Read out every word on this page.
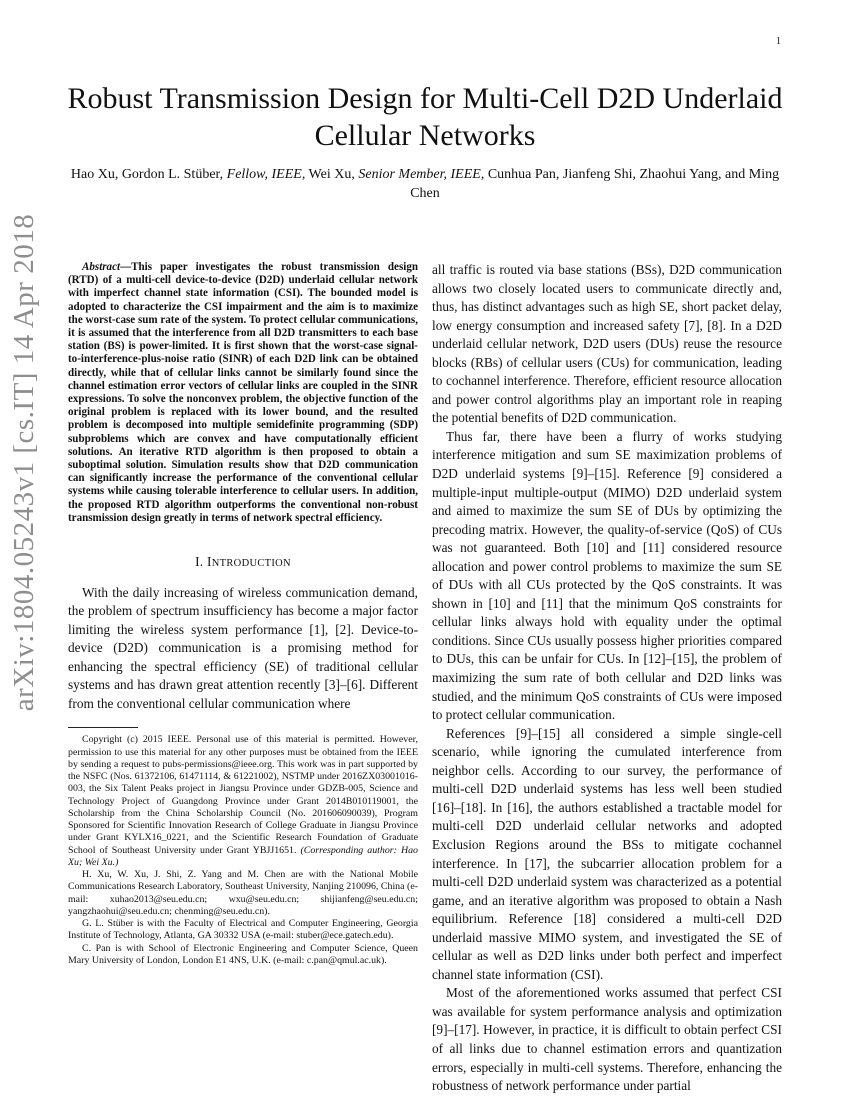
1
arXiv:1804.05243v1 [cs.IT] 14 Apr 2018
Robust Transmission Design for Multi-Cell D2D Underlaid Cellular Networks
Hao Xu, Gordon L. Stüber, Fellow, IEEE, Wei Xu, Senior Member, IEEE, Cunhua Pan, Jianfeng Shi, Zhaohui Yang, and Ming Chen

Abstract—This paper investigates the robust transmission design (RTD) of a multi-cell device-to-device (D2D) underlaid cellular network with imperfect channel state information (CSI). The bounded model is adopted to characterize the CSI impairment and the aim is to maximize the worst-case sum rate of the system. To protect cellular communications, it is assumed that the interference from all D2D transmitters to each base station (BS) is power-limited. It is first shown that the worst-case signal-to-interference-plus-noise ratio (SINR) of each D2D link can be obtained directly, while that of cellular links cannot be similarly found since the channel estimation error vectors of cellular links are coupled in the SINR expressions. To solve the nonconvex problem, the objective function of the original problem is replaced with its lower bound, and the resulted problem is decomposed into multiple semidefinite programming (SDP) subproblems which are convex and have computationally efficient solutions. An iterative RTD algorithm is then proposed to obtain a suboptimal solution. Simulation results show that D2D communication can significantly increase the performance of the conventional cellular systems while causing tolerable interference to cellular users. In addition, the proposed RTD algorithm outperforms the conventional non-robust transmission design greatly in terms of network spectral efficiency.

I. INTRODUCTION

With the daily increasing of wireless communication demand, the problem of spectrum insufficiency has become a major factor limiting the wireless system performance [1], [2]. Device-to-device (D2D) communication is a promising method for enhancing the spectral efficiency (SE) of traditional cellular systems and has drawn great attention recently [3]–[6]. Different from the conventional cellular communication where

Copyright (c) 2015 IEEE. Personal use of this material is permitted. However, permission to use this material for any other purposes must be obtained from the IEEE by sending a request to pubs-permissions@ieee.org. This work was in part supported by the NSFC (Nos. 61372106, 61471114, & 61221002), NSTMP under 2016ZX03001016-003, the Six Talent Peaks project in Jiangsu Province under GDZB-005, Science and Technology Project of Guangdong Province under Grant 2014B010119001, the Scholarship from the China Scholarship Council (No. 201606090039), Program Sponsored for Scientific Innovation Research of College Graduate in Jiangsu Province under Grant KYLX16_0221, and the Scientific Research Foundation of Graduate School of Southeast University under Grant YBJJ1651. (Corresponding author: Hao Xu; Wei Xu.)

H. Xu, W. Xu, J. Shi, Z. Yang and M. Chen are with the National Mobile Communications Research Laboratory, Southeast University, Nanjing 210096, China (e-mail: xuhao2013@seu.edu.cn; wxu@seu.edu.cn; shijianfeng@seu.edu.cn; yangzhaohui@seu.edu.cn; chenming@seu.edu.cn).

G. L. Stüber is with the Faculty of Electrical and Computer Engineering, Georgia Institute of Technology, Atlanta, GA 30332 USA (e-mail: stuber@ece.gatech.edu).

C. Pan is with School of Electronic Engineering and Computer Science, Queen Mary University of London, London E1 4NS, U.K. (e-mail: c.pan@qmul.ac.uk).

all traffic is routed via base stations (BSs), D2D communication allows two closely located users to communicate directly and, thus, has distinct advantages such as high SE, short packet delay, low energy consumption and increased safety [7], [8]. In a D2D underlaid cellular network, D2D users (DUs) reuse the resource blocks (RBs) of cellular users (CUs) for communication, leading to cochannel interference. Therefore, efficient resource allocation and power control algorithms play an important role in reaping the potential benefits of D2D communication.

Thus far, there have been a flurry of works studying interference mitigation and sum SE maximization problems of D2D underlaid systems [9]–[15]. Reference [9] considered a multiple-input multiple-output (MIMO) D2D underlaid system and aimed to maximize the sum SE of DUs by optimizing the precoding matrix. However, the quality-of-service (QoS) of CUs was not guaranteed. Both [10] and [11] considered resource allocation and power control problems to maximize the sum SE of DUs with all CUs protected by the QoS constraints. It was shown in [10] and [11] that the minimum QoS constraints for cellular links always hold with equality under the optimal conditions. Since CUs usually possess higher priorities compared to DUs, this can be unfair for CUs. In [12]–[15], the problem of maximizing the sum rate of both cellular and D2D links was studied, and the minimum QoS constraints of CUs were imposed to protect cellular communication.

References [9]–[15] all considered a simple single-cell scenario, while ignoring the cumulated interference from neighbor cells. According to our survey, the performance of multi-cell D2D underlaid systems has less well been studied [16]–[18]. In [16], the authors established a tractable model for multi-cell D2D underlaid cellular networks and adopted Exclusion Regions around the BSs to mitigate cochannel interference. In [17], the subcarrier allocation problem for a multi-cell D2D underlaid system was characterized as a potential game, and an iterative algorithm was proposed to obtain a Nash equilibrium. Reference [18] considered a multi-cell D2D underlaid massive MIMO system, and investigated the SE of cellular as well as D2D links under both perfect and imperfect channel state information (CSI).

Most of the aforementioned works assumed that perfect CSI was available for system performance analysis and optimization [9]–[17]. However, in practice, it is difficult to obtain perfect CSI of all links due to channel estimation errors and quantization errors, especially in multi-cell systems. Therefore, enhancing the robustness of network performance under partial
